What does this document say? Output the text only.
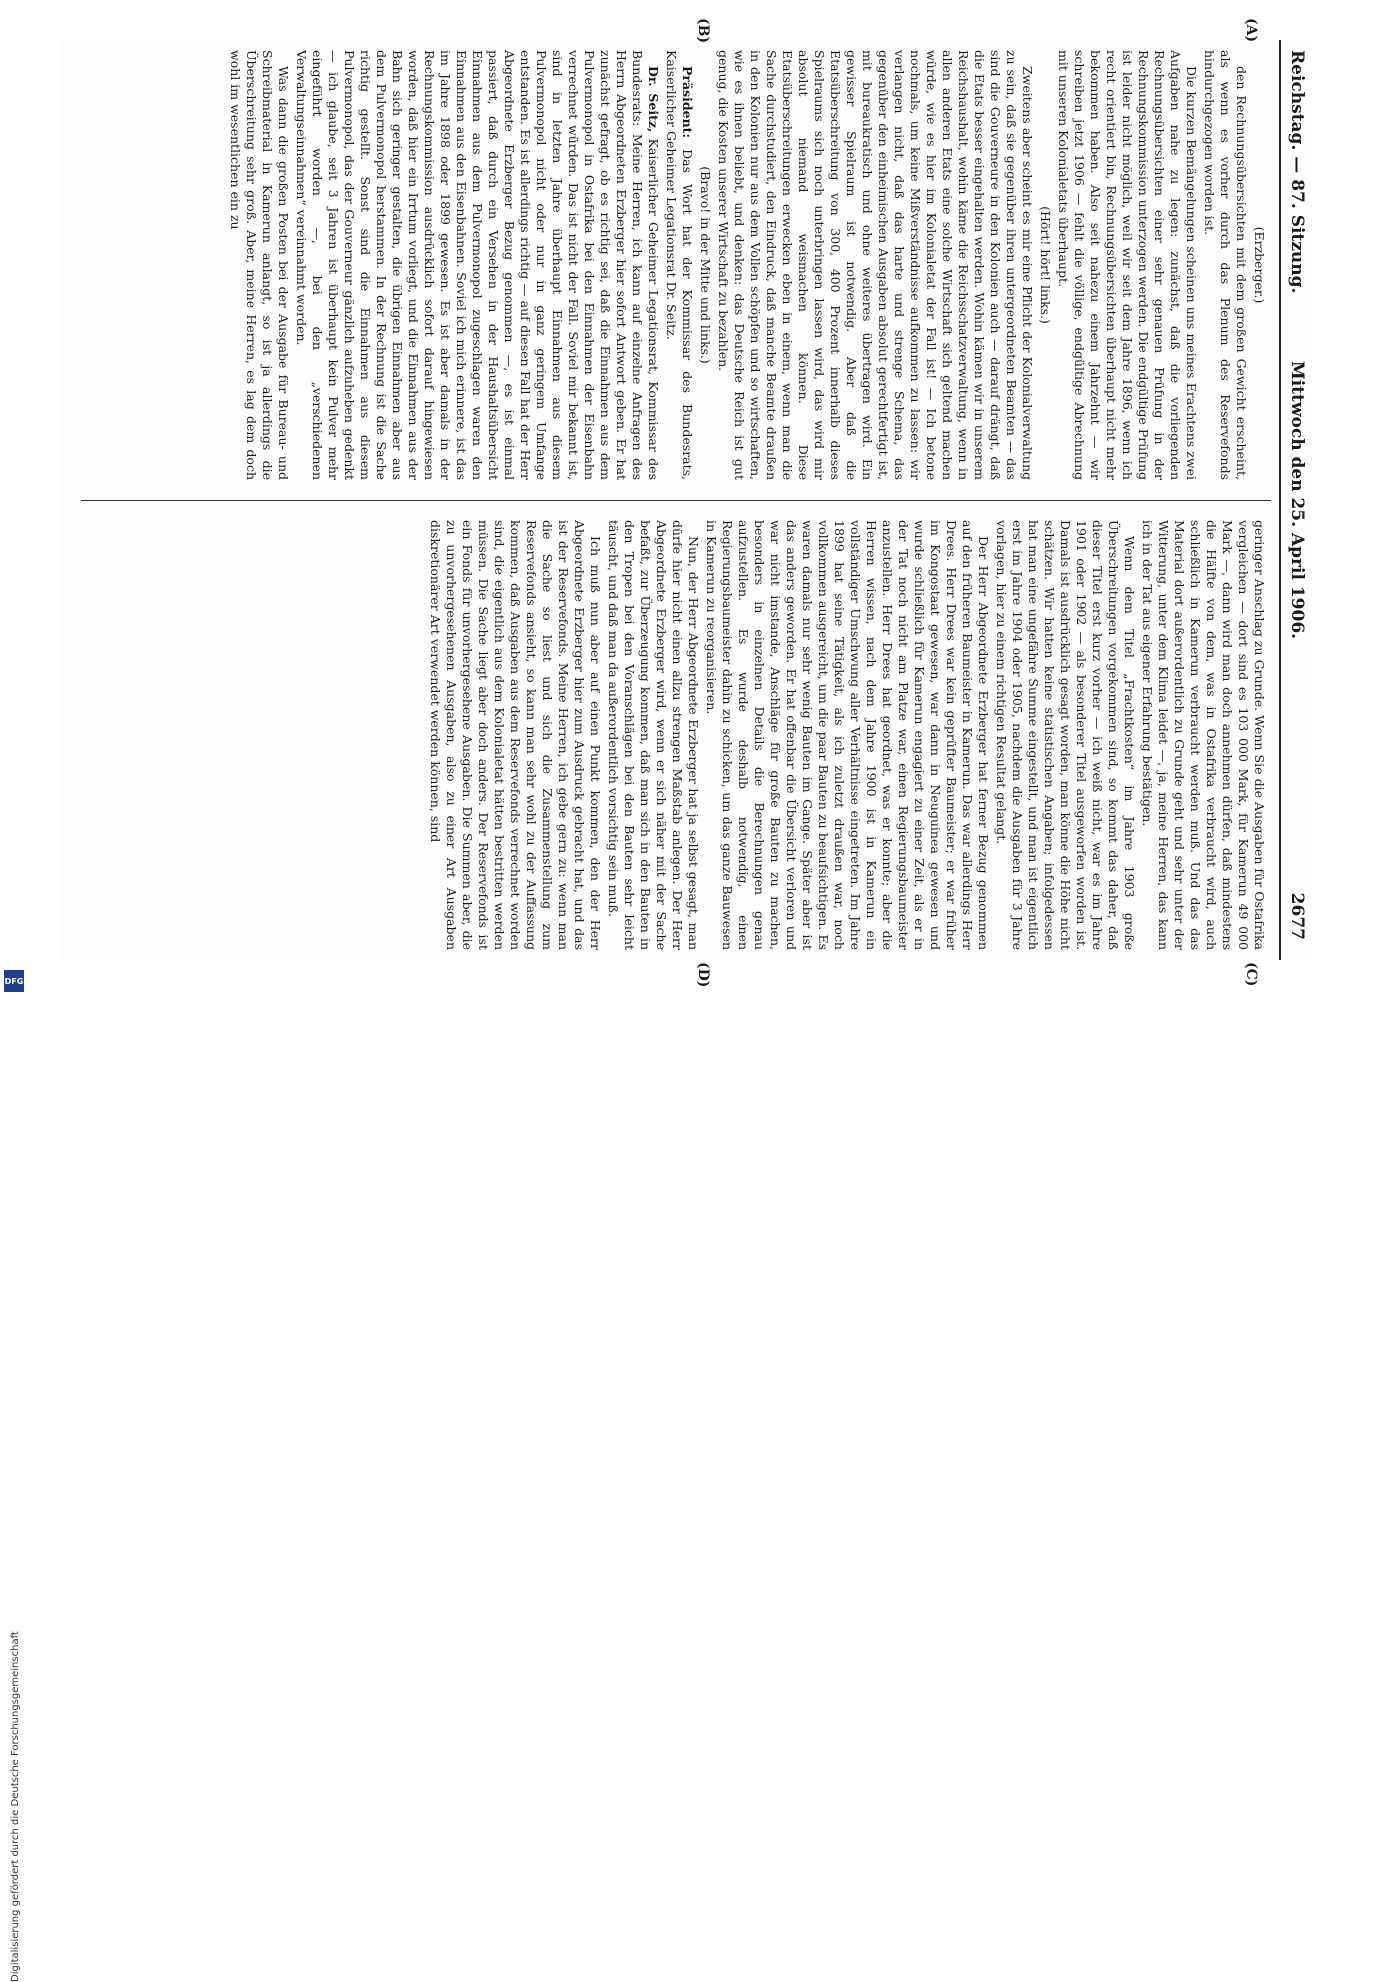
Reichstag. — 87. Sitzung.
Mittwoch den 25. April 1906.
2677
(A)
(B)
(C)
(D)

(Erzberger.)

den Rechnungsübersichten mit dem großen Gewicht erscheint, als wenn es vorher durch das Plenum des Reservefonds hindurchgezogen worden ist.

Die kurzen Bemängelungen scheinen uns meines Erachtens zwei Aufgaben nahe zu legen: zunächst, daß die vorliegenden Rechnungsübersichten einer sehr genauen Prüfung in der Rechnungskommission unterzogen werden. Die endgültige Prüfung ist leider nicht möglich, weil wir seit dem Jahre 1896, wenn ich recht orientiert bin, Rechnungsübersichten überhaupt nicht mehr bekommen haben. Also seit nahezu einem Jahrzehnt — wir schreiben jetzt 1906 — fehlt die völlige, endgültige Abrechnung mit unseren Kolonialetats überhaupt.

(Hört! hört! links.)

Zweitens aber scheint es mir eine Pflicht der Kolonialverwaltung zu sein, daß sie gegenüber ihren untergeordneten Beamten — das sind die Gouverneure in den Kolonien auch — darauf drängt, daß die Etats besser eingehalten werden. Wohin kämen wir in unserem Reichshaushalt, wohin käme die Reichsschatzverwaltung, wenn in allen anderen Etats eine solche Wirtschaft sich geltend machen würde, wie es hier im Kolonialetat der Fall ist! — Ich betone nochmals, um keine Mißverständnisse aufkommen zu lassen: wir verlangen nicht, daß das harte und strenge Schema, das gegenüber den einheimischen Ausgaben absolut gerechtfertigt ist, mit bureaukratisch und ohne weiteres übertragen wird. Ein gewisser Spielraum ist notwendig. Aber daß die Etatsüberschreitung von 300, 400 Prozent innerhalb dieses Spielraums sich noch unterbringen lassen wird, das wird mir absolut niemand weismachen können. Diese Etatsüberschreitungen erwecken eben in einem, wenn man die Sache durchstudiert, den Eindruck, daß manche Beamte draußen in den Kolonien nur aus dem Vollen schöpfen und so wirtschaften, wie es ihnen beliebt, und denken: das Deutsche Reich ist gut genug, die Kosten unserer Wirtschaft zu bezahlen.

(Bravo! in der Mitte und links.)

Präsident: Das Wort hat der Kommissar des Bundesrats, Kaiserlicher Geheimer Legationsrat Dr. Seitz.

Dr. Seitz, Kaiserlicher Geheimer Legationsrat, Kommissar des Bundesrats: Meine Herren, ich kann auf einzelne Anfragen des Herrn Abgeordneten Erzberger hier sofort Antwort geben. Er hat zunächst gefragt, ob es richtig sei, daß die Einnahmen aus dem Pulvermonopol in Ostafrika bei den Einnahmen der Eisenbahn verrechnet würden. Das ist nicht der Fall. Soviel mir bekannt ist, sind in letzten Jahre überhaupt Einnahmen aus diesem Pulvermonopol nicht oder nur in ganz geringem Umfange entstanden. Es ist allerdings richtig — auf diesen Fall hat der Herr Abgeordnete Erzberger Bezug genommen —, es ist einmal passiert, daß durch ein Versehen in der Haushaltsübersicht Einnahmen aus dem Pulvermonopol zugeschlagen waren den Einnahmen aus den Eisenbahnen. Soviel ich mich erinnere, ist das im Jahre 1898 oder 1899 gewesen. Es ist aber damals in der Rechnungskommission ausdrücklich sofort darauf hingewiesen worden, daß hier ein Irrtum vorliegt, und die Einnahmen aus der Bahn sich geringer gestalten, die übrigen Einnahmen aber aus dem Pulvermonopol herstammen. In der Rechnung ist die Sache richtig gestellt. Sonst sind die Einnahmen aus diesem Pulvermonopol, das der Gouverneur gänzlich aufzuheben gedenkt — ich glaube, seit 3 Jahren ist überhaupt kein Pulver mehr eingeführt worden —, bei den „verschiedenen Verwaltungseinnahmen“ vereinnahmt worden.

Was dann die großen Posten bei der Ausgabe für Bureau- und Schreibmaterial in Kamerun anlangt, so ist ja allerdings die Überschreitung sehr groß. Aber, meine Herren, es lag dem doch wohl im wesentlichen ein zu

geringer Anschlag zu Grunde. Wenn Sie die Ausgaben für Ostafrika vergleichen — dort sind es 103 000 Mark, für Kamerun 49 000 Mark —, dann wird man doch annehmen dürfen, daß mindestens die Hälfte von dem, was in Ostafrika verbraucht wird, auch schließlich in Kamerun verbraucht werden muß. Und das das Material dort außerordentlich zu Grunde geht und sehr unter der Witterung, unter dem Klima leidet —, ja, meine Herren, das kann ich in der Tat aus eigener Erfahrung bestätigen.

Wenn dem Titel „Frachtkosten“ im Jahre 1903 große Überschreitungen vorgekommen sind, so kommt das daher, daß dieser Titel erst kurz vorher — ich weiß nicht, war es im Jahre 1901 oder 1902 — als besonderer Titel ausgeworfen worden ist. Damals ist ausdrücklich gesagt worden, man könne die Höhe nicht schätzen. Wir hatten keine statistischen Angaben; infolgedessen hat man eine ungefähre Summe eingestellt, und man ist eigentlich erst im Jahre 1904 oder 1905, nachdem die Ausgaben für 3 Jahre vorlagen, hier zu einem richtigen Resultat gelangt.

Der Herr Abgeordnete Erzberger hat ferner Bezug genommen auf den früheren Baumeister in Kamerun. Das war allerdings Herr Drees. Herr Drees war kein geprüfter Baumeister; er war früher im Kongostaat gewesen, war dann in Neuguinea gewesen und wurde schließlich für Kamerun engagiert zu einer Zeit, als er in der Tat noch nicht am Platze war, einen Regierungsbaumeister anzustellen. Herr Drees hat geordnet, was er konnte; aber die Herren wissen, nach dem Jahre 1900 ist in Kamerun ein vollständiger Umschwung aller Verhältnisse eingetreten. Im Jahre 1899 hat seine Tätigkeit, als ich zuletzt draußen war, noch vollkommen ausgereicht, um die paar Bauten zu beaufsichtigen. Es waren damals nur sehr wenig Bauten im Gange. Später aber ist das anders geworden. Er hat offenbar die Übersicht verloren und war nicht imstande, Anschläge für große Bauten zu machen, besonders in einzelnen Details die Berechnungen genau aufzustellen. Es wurde deshalb notwendig, einen Regierungsbaumeister dahin zu schicken, um das ganze Bauwesen in Kamerun zu reorganisieren.

Nun, der Herr Abgeordnete Erzberger hat ja selbst gesagt, man dürfe hier nicht einen allzu strengen Maßstab anlegen. Der Herr Abgeordnete Erzberger wird, wenn er sich näher mit der Sache befaßt, zur Überzeugung kommen, daß man sich in den Bauten in den Tropen bei den Voranschlägen bei den Bauten sehr leicht täuscht, und daß man da außerordentlich vorsichtig sein muß.

Ich muß nun aber auf einen Punkt kommen, den der Herr Abgeordnete Erzberger hier zum Ausdruck gebracht hat, und das ist der Reservefonds. Meine Herren, ich gebe gern zu: wenn man die Sache so liest und sich die Zusammenstellung zum Reservefonds ansieht, so kann man sehr wohl zu der Auffassung kommen, daß Ausgaben aus dem Reservefonds verrechnet worden sind, die eigentlich aus dem Kolonialetat hätten bestritten werden müssen. Die Sache liegt aber doch anders. Der Reservefonds ist ein Fonds für unvorhergesehene Ausgaben. Die Summen aber, die zu unvorhergesehenen Ausgaben, also zu einer Art Ausgaben diskretionärer Art verwendet werden können, sind

Digitalisierung gefördert durch die Deutsche Forschungsgemeinschaft
DFG
